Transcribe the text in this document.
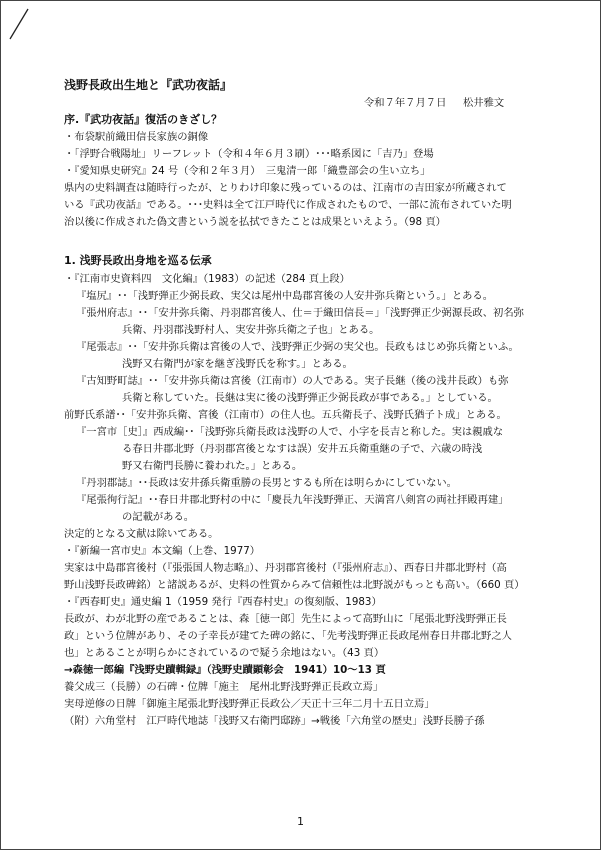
浅野長政出生地と『武功夜話』
令和７年７月７日 松井雅文
序.『武功夜話』復活のきざし？
・布袋駅前織田信長家族の銅像
・「浮野合戦陽址」リーフレット（令和４年６月３刷）･･･略系図に「吉乃」登場
・『愛知県史研究』24 号（令和２年３月）　三鬼清一郎「織豊部会の生い立ち」
県内の史料調査は随時行ったが、とりわけ印象に残っているのは、江南市の吉田家が所蔵されて
いる『武功夜話』である。･･･史料は全て江戸時代に作成されたもので、一部に流布されていた明
治以後に作成された偽文書という説を払拭できたことは成果といえよう。（98 頁）
1. 浅野長政出身地を巡る伝承
・『江南市史資料四　文化編』（1983）の記述（284 頁上段）
『塩尻』･･「浅野弾正少弼長政、実父は尾州中島郡宮後の人安井弥兵衛という。」とある。
『張州府志』･･「安井弥兵衛、丹羽郡宮後人、仕＝于織田信長＝」「浅野弾正少弼源長政、初名弥
兵衛、丹羽郡浅野村人、実安井弥兵衛之子也」とある。
『尾張志』･･「安井弥兵衛は宮後の人で、浅野弾正少弼の実父也。長政もはじめ弥兵衛といふ。
浅野又右衛門が家を継ぎ浅野氏を称す。」とある。
『古知野町誌』･･「安井弥兵衛は宮後（江南市）の人である。実子長継（後の浅井長政）も弥
兵衛と称していた。長継は実に後の浅野弾正少弼長政が事である。」としている。
前野氏系譜･･「安井弥兵衛、宮後（江南市）の住人也。五兵衛長子、浅野氏猶子ト成」とある。
『一宮市［史］』西成編･･「浅野弥兵衛長政は浅野の人で、小字を長吉と称した。実は親戚な
る春日井郡北野（丹羽郡宮後となすは誤）安井五兵衛重継の子で、六歳の時浅
野又右衛門長勝に養われた。」とある。
『丹羽郡誌』･･長政は安井孫兵衛重勝の長男とするも所在は明らかにしていない。
『尾張徇行記』･･春日井郡北野村の中に「慶長九年浅野弾正、天満宮八剣宮の両社拝殿再建」
の記載がある。
決定的となる文献は除いてある。
・『新編一宮市史』本文編（上巻、1977）
実家は中島郡宮後村（『張張国人物志略』）、丹羽郡宮後村（『張州府志』）、西春日井郡北野村（高
野山浅野長政碑銘）と諸説あるが、史料の性質からみて信頼性は北野説がもっとも高い。（660 頁）
・『西春町史』通史編 1（1959 発行『西春村史』の復刻版、1983）
長政が、わが北野の産であることは、森［徳一郎］先生によって高野山に「尾張北野浅野弾正長
政」という位牌があり、その子幸長が建てた碑の銘に、「先考浅野弾正長政尾州春日井郡北野之人
也」とあることが明らかにされているので疑う余地はない。（43 頁）
→森徳一郎編『浅野史蹟輯録』（浅野史蹟顕彰会　1941）10～13 頁
養父成三（長勝）の石碑・位牌「施主　尾州北野浅野弾正長政立焉」
実母逆修の日牌「御施主尾張北野浅野弾正長政公／天正十三年二月十五日立焉」
（附）六角堂村　江戸時代地誌「浅野又右衛門邸跡」→戦後「六角堂の歴史」浅野長勝子孫
1
